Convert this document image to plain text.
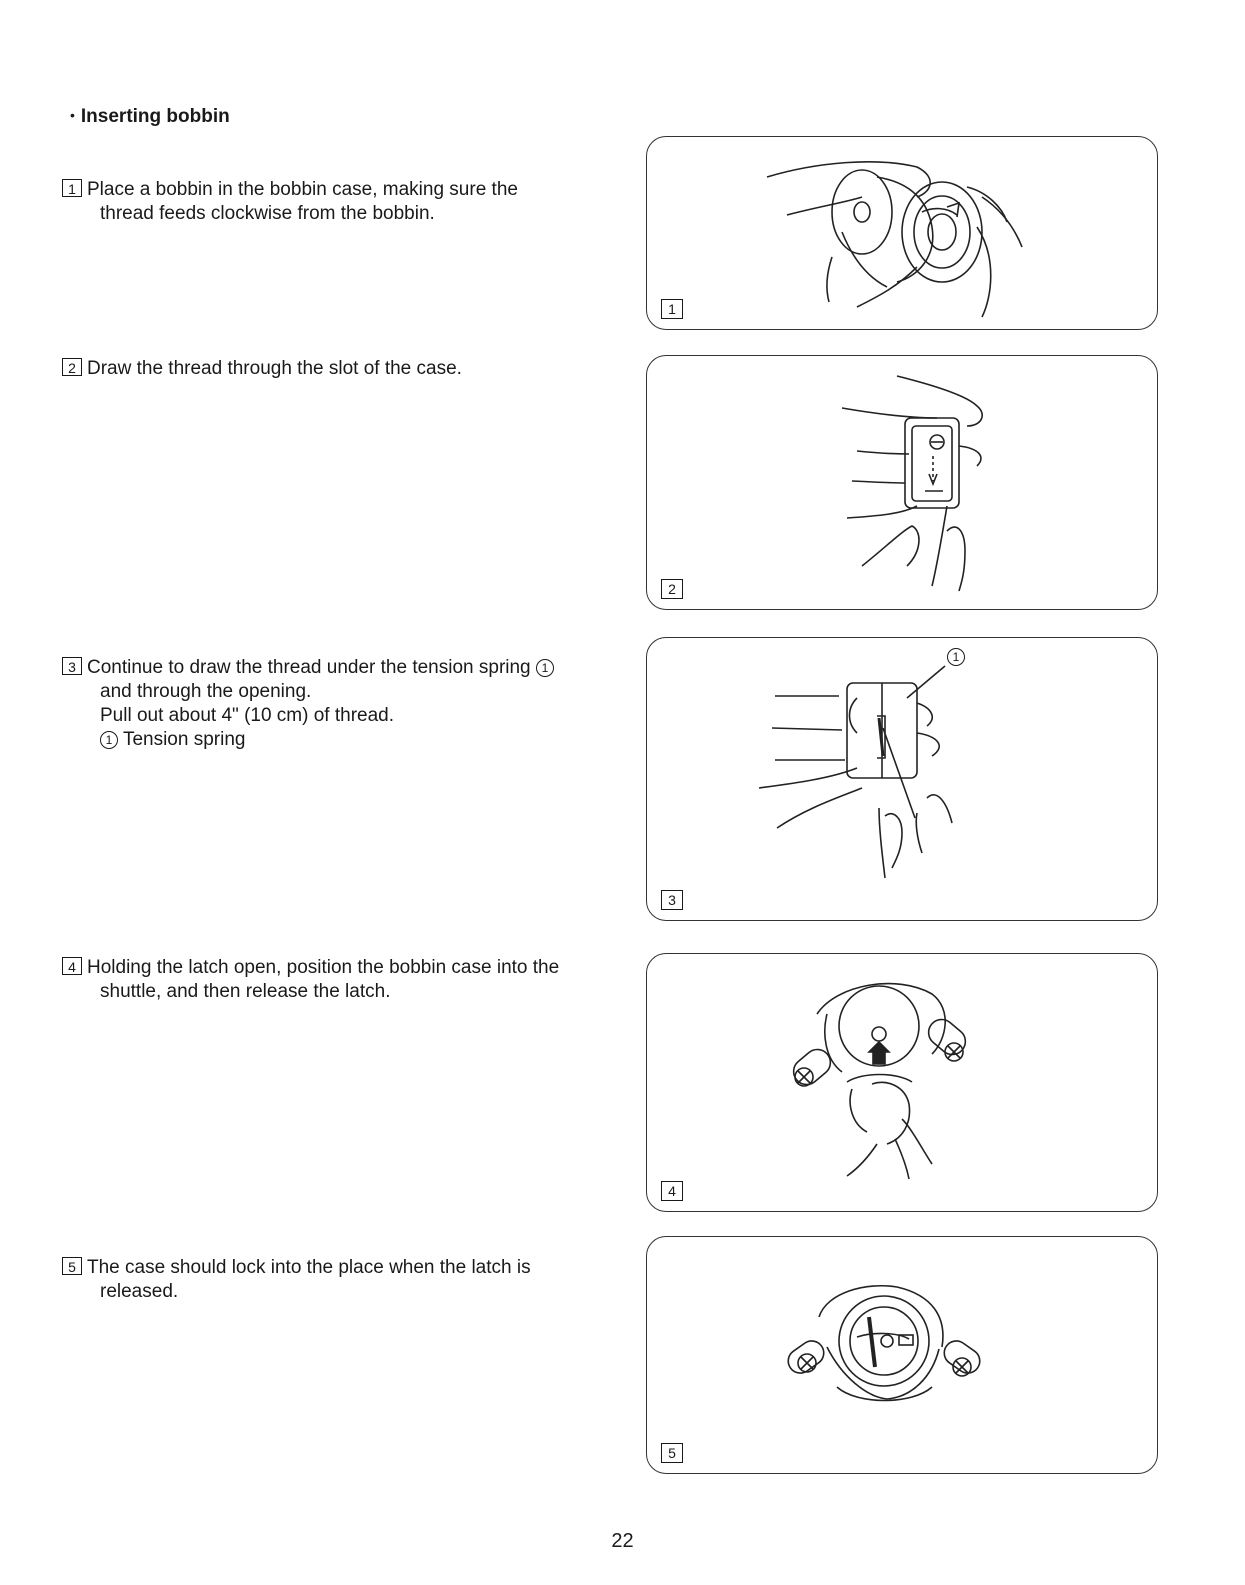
• Inserting bobbin

1 Place a bobbin in the bobbin case, making sure the
thread feeds clockwise from the bobbin.

2 Draw the thread through the slot of the case.

3 Continue to draw the thread under the tension spring 1
and through the opening.
Pull out about 4" (10 cm) of thread.
1 Tension spring

4 Holding the latch open, position the bobbin case into the
shuttle, and then release the latch.

5 The case should lock into the place when the latch is
released.

1
2
1
3
4
5
22
